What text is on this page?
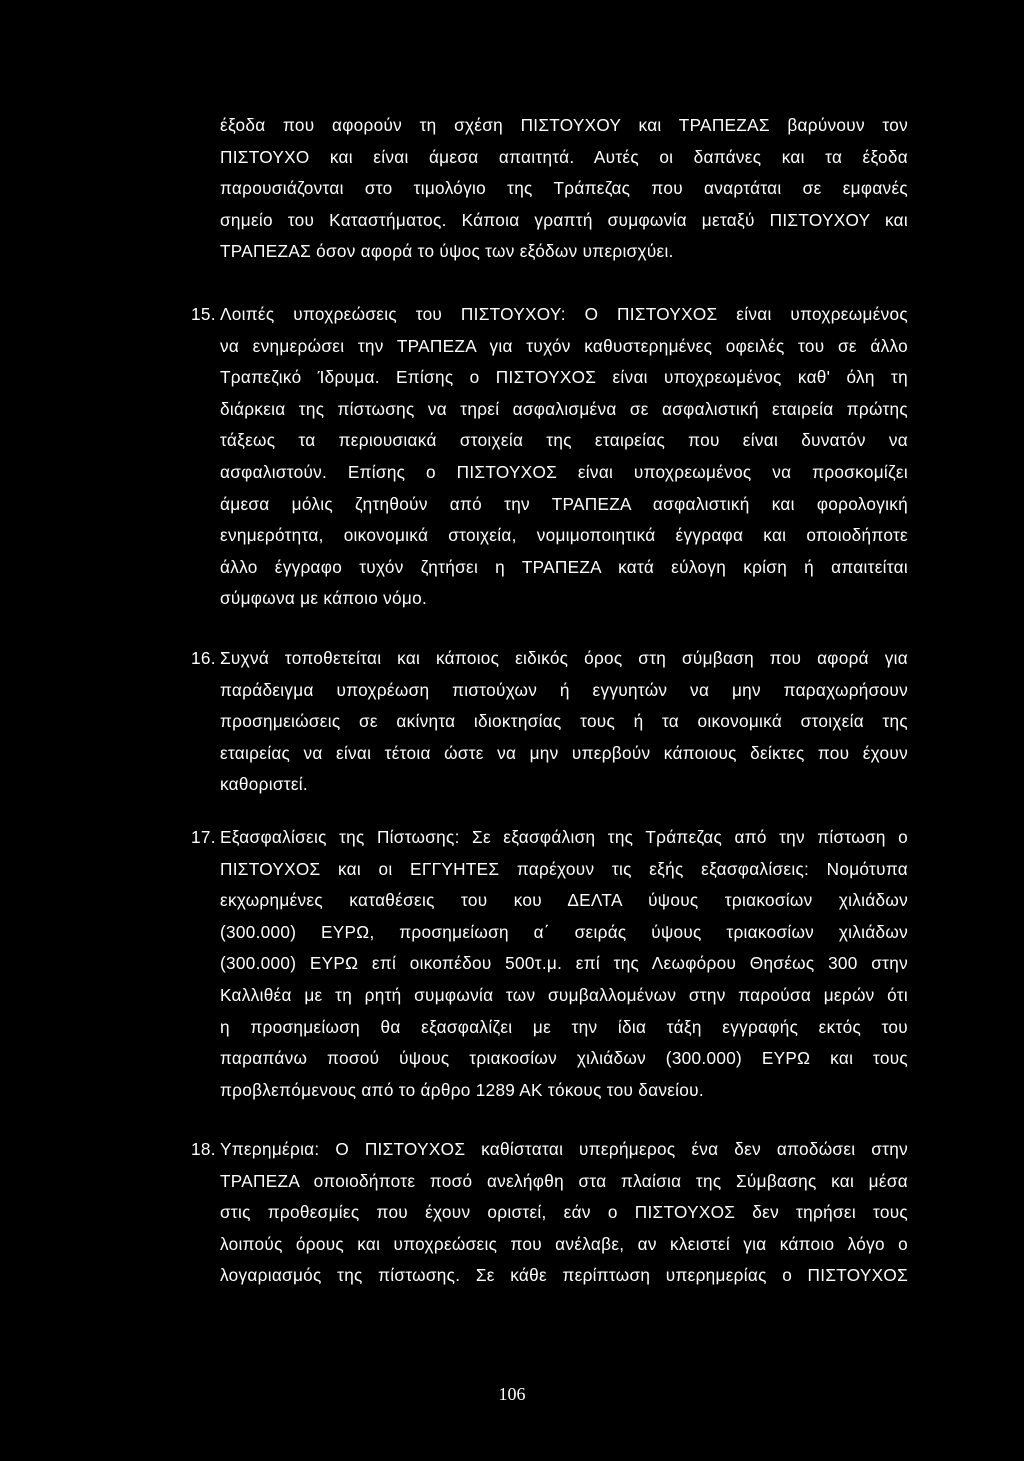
έξοδα που αφορούν τη σχέση ΠΙΣΤΟΥΧΟΥ και ΤΡΑΠΕΖΑΣ βαρύνουν τον
ΠΙΣΤΟΥΧΟ και είναι άμεσα απαιτητά. Αυτές οι δαπάνες και τα έξοδα
παρουσιάζονται στο τιμολόγιο της Τράπεζας που αναρτάται σε εμφανές
σημείο του Καταστήματος. Κάποια γραπτή συμφωνία μεταξύ ΠΙΣΤΟΥΧΟΥ και
ΤΡΑΠΕΖΑΣ όσον αφορά το ύψος των εξόδων υπερισχύει.
15. Λοιπές υποχρεώσεις του ΠΙΣΤΟΥΧΟΥ: Ο ΠΙΣΤΟΥΧΟΣ είναι υποχρεωμένος
να ενημερώσει την ΤΡΑΠΕΖΑ για τυχόν καθυστερημένες οφειλές του σε άλλο
Τραπεζικό Ίδρυμα. Επίσης ο ΠΙΣΤΟΥΧΟΣ είναι υποχρεωμένος καθ' όλη τη
διάρκεια της πίστωσης να τηρεί ασφαλισμένα σε ασφαλιστική εταιρεία πρώτης
τάξεως τα περιουσιακά στοιχεία της εταιρείας που είναι δυνατόν να
ασφαλιστούν. Επίσης ο ΠΙΣΤΟΥΧΟΣ είναι υποχρεωμένος να προσκομίζει
άμεσα μόλις ζητηθούν από την ΤΡΑΠΕΖΑ ασφαλιστική και φορολογική
ενημερότητα, οικονομικά στοιχεία, νομιμοποιητικά έγγραφα και οποιοδήποτε
άλλο έγγραφο τυχόν ζητήσει η ΤΡΑΠΕΖΑ κατά εύλογη κρίση ή απαιτείται
σύμφωνα με κάποιο νόμο.
16. Συχνά τοποθετείται και κάποιος ειδικός όρος στη σύμβαση που αφορά για
παράδειγμα υποχρέωση πιστούχων ή εγγυητών να μην παραχωρήσουν
προσημειώσεις σε ακίνητα ιδιοκτησίας τους ή τα οικονομικά στοιχεία της
εταιρείας να είναι τέτοια ώστε να μην υπερβούν κάποιους δείκτες που έχουν
καθοριστεί.
17. Εξασφαλίσεις της Πίστωσης: Σε εξασφάλιση της Τράπεζας από την πίστωση ο
ΠΙΣΤΟΥΧΟΣ και οι ΕΓΓΥΗΤΕΣ παρέχουν τις εξής εξασφαλίσεις: Νομότυπα
εκχωρημένες καταθέσεις του κου ΔΕΛΤΑ ύψους τριακοσίων χιλιάδων
(300.000) ΕΥΡΩ, προσημείωση α΄ σειράς ύψους τριακοσίων χιλιάδων
(300.000) ΕΥΡΩ επί οικοπέδου 500τ.μ. επί της Λεωφόρου Θησέως 300 στην
Καλλιθέα με τη ρητή συμφωνία των συμβαλλομένων στην παρούσα μερών ότι
η προσημείωση θα εξασφαλίζει με την ίδια τάξη εγγραφής εκτός του
παραπάνω ποσού ύψους τριακοσίων χιλιάδων (300.000) ΕΥΡΩ και τους
προβλεπόμενους από το άρθρο 1289 ΑΚ τόκους του δανείου.
18. Υπερημέρια: Ο ΠΙΣΤΟΥΧΟΣ καθίσταται υπερήμερος ένα δεν αποδώσει στην
ΤΡΑΠΕΖΑ οποιοδήποτε ποσό ανελήφθη στα πλαίσια της Σύμβασης και μέσα
στις προθεσμίες που έχουν οριστεί, εάν ο ΠΙΣΤΟΥΧΟΣ δεν τηρήσει τους
λοιπούς όρους και υποχρεώσεις που ανέλαβε, αν κλειστεί για κάποιο λόγο ο
λογαριασμός της πίστωσης. Σε κάθε περίπτωση υπερημερίας ο ΠΙΣΤΟΥΧΟΣ
106
